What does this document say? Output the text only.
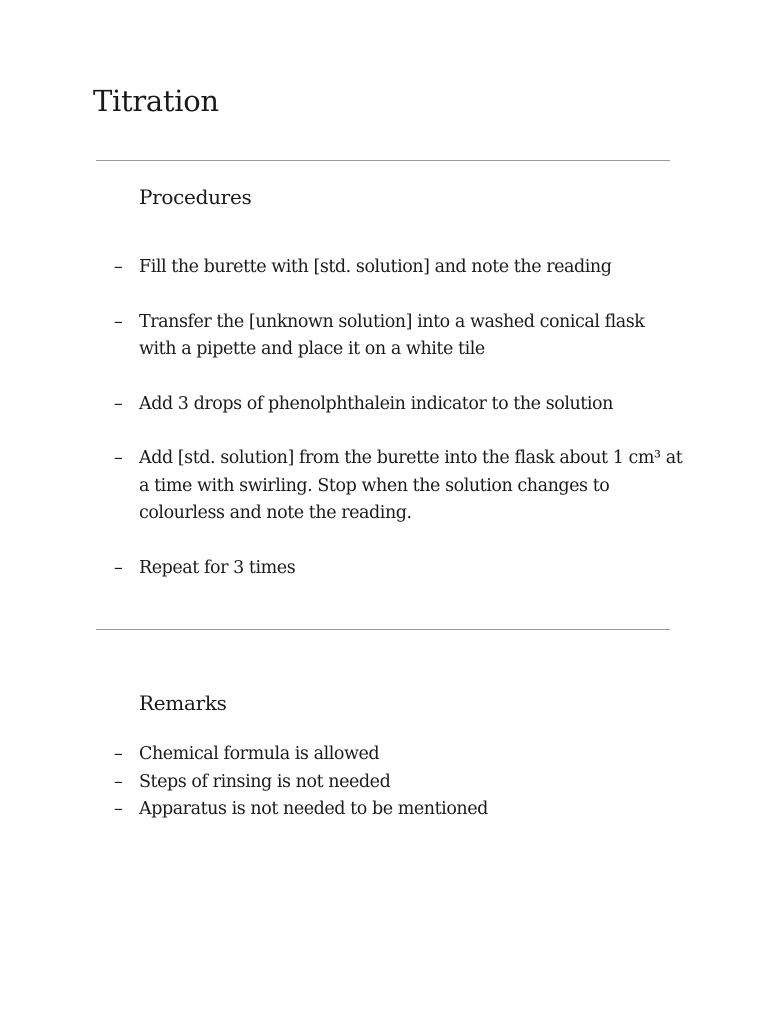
Titration
Procedures
– Fill the burette with [std. solution] and note the reading
– Transfer the [unknown solution] into a washed conical flask with a pipette and place it on a white tile
– Add 3 drops of phenolphthalein indicator to the solution
– Add [std. solution] from the burette into the flask about 1 cm³ at a time with swirling. Stop when the solution changes to colourless and note the reading.
– Repeat for 3 times
Remarks
– Chemical formula is allowed
– Steps of rinsing is not needed
– Apparatus is not needed to be mentioned
